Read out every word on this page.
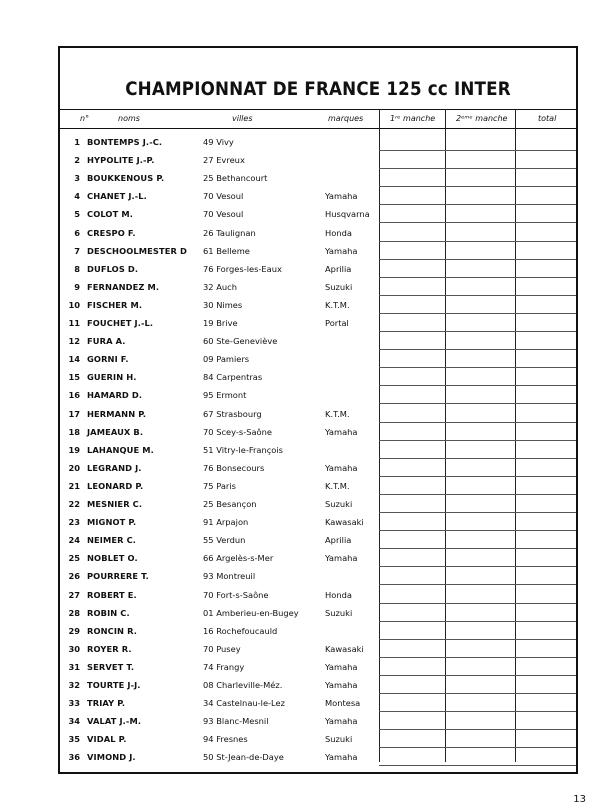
CHAMPIONNAT DE FRANCE 125 cc INTER
n°	noms	villes	marques	1ʳᵉ manche	2ᵉᵐᵉ manche	total
1 BONTEMPS J.-C.	49 Vivy
2 HYPOLITE J.-P.	27 Evreux
3 BOUKKENOUS P.	25 Bethancourt
4 CHANET J.-L.	70 Vesoul	Yamaha
5 COLOT M.	70 Vesoul	Husqvarna
6 CRESPO F.	26 Taulignan	Honda
7 DESCHOOLMESTER D 61 Belleme	Yamaha
8 DUFLOS D.	76 Forges-les-Eaux	Aprilia
9 FERNANDEZ M.	32 Auch	Suzuki
10 FISCHER M.	30 Nimes	K.T.M.
11 FOUCHET J.-L.	19 Brive	Portal
12 FURA A.	60 Ste-Geneviève
14 GORNI F.	09 Pamiers
15 GUERIN H.	84 Carpentras
16 HAMARD D.	95 Ermont
17 HERMANN P.	67 Strasbourg	K.T.M.
18 JAMEAUX B.	70 Scey-s-Saône	Yamaha
19 LAHANQUE M.	51 Vitry-le-François
20 LEGRAND J.	76 Bonsecours	Yamaha
21 LEONARD P.	75 Paris	K.T.M.
22 MESNIER C.	25 Besançon	Suzuki
23 MIGNOT P.	91 Arpajon	Kawasaki
24 NEIMER C.	55 Verdun	Aprilia
25 NOBLET O.	66 Argelès-s-Mer	Yamaha
26 POURRERE T.	93 Montreuil
27 ROBERT E.	70 Fort-s-Saône	Honda
28 ROBIN C.	01 Amberieu-en-Bugey	Suzuki
29 RONCIN R.	16 Rochefoucauld
30 ROYER R.	70 Pusey	Kawasaki
31 SERVET T.	74 Frangy	Yamaha
32 TOURTE J-J.	08 Charleville-Méz.	Yamaha
33 TRIAY P.	34 Castelnau-le-Lez	Montesa
34 VALAT J.-M.	93 Blanc-Mesnil	Yamaha
35 VIDAL P.	94 Fresnes	Suzuki
36 VIMOND J.	50 St-Jean-de-Daye	Yamaha
13
